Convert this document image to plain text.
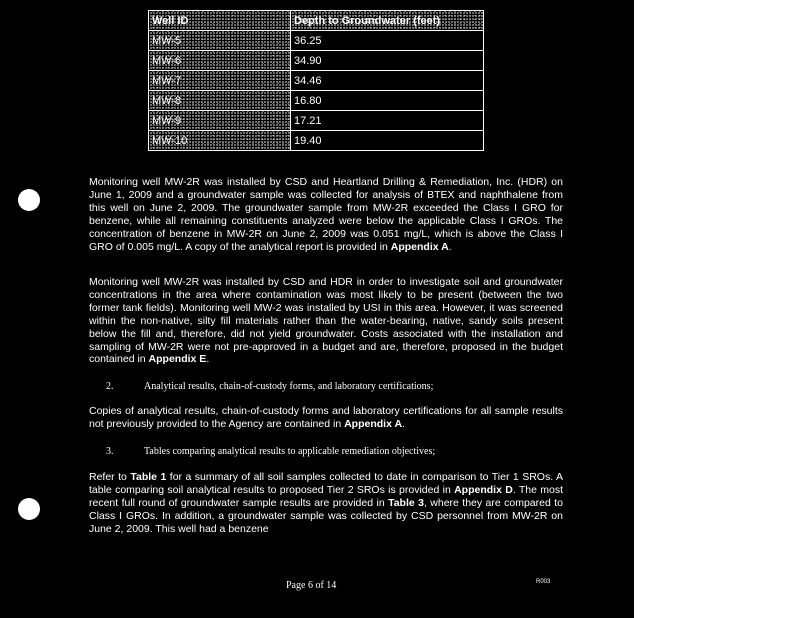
Well ID	Depth to Groundwater (feet)
MW-5	36.25
MW-6	34.90
MW-7	34.46
MW-8	16.80
MW-9	17.21
MW-10	19.40

Monitoring well MW-2R was installed by CSD and Heartland Drilling & Remediation, Inc. (HDR) on June 1, 2009 and a groundwater sample was collected for analysis of BTEX and naphthalene from this well on June 2, 2009. The groundwater sample from MW-2R exceeded the Class I GRO for benzene, while all remaining constituents analyzed were below the applicable Class I GROs. The concentration of benzene in MW-2R on June 2, 2009 was 0.051 mg/L, which is above the Class I GRO of 0.005 mg/L. A copy of the analytical report is provided in Appendix A.

Monitoring well MW-2R was installed by CSD and HDR in order to investigate soil and groundwater concentrations in the area where contamination was most likely to be present (between the two former tank fields). Monitoring well MW-2 was installed by USI in this area. However, it was screened within the non-native, silty fill materials rather than the water-bearing, native, sandy soils present below the fill and, therefore, did not yield groundwater. Costs associated with the installation and sampling of MW-2R were not pre-approved in a budget and are, therefore, proposed in the budget contained in Appendix E.

2.	Analytical results, chain-of-custody forms, and laboratory certifications;

Copies of analytical results, chain-of-custody forms and laboratory certifications for all sample results not previously provided to the Agency are contained in Appendix A.

3.	Tables comparing analytical results to applicable remediation objectives;

Refer to Table 1 for a summary of all soil samples collected to date in comparison to Tier 1 SROs. A table comparing soil analytical results to proposed Tier 2 SROs is provided in Appendix D. The most recent full round of groundwater sample results are provided in Table 3, where they are compared to Class I GROs. In addition, a groundwater sample was collected by CSD personnel from MW-2R on June 2, 2009. This well had a benzene

Page 6 of 14	R003
